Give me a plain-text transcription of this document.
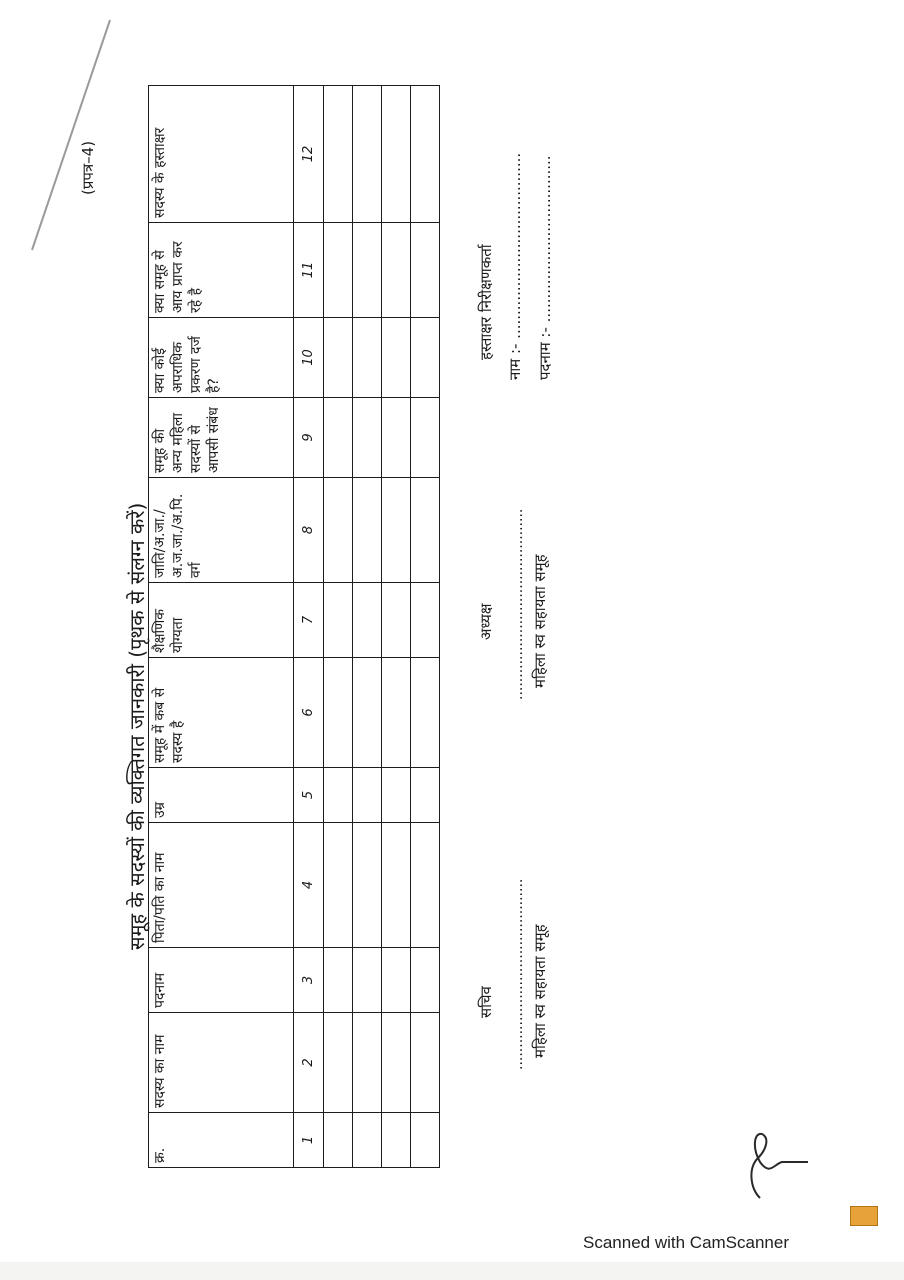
(प्रपत्र–4)
समूह के सदस्यों की व्यक्तिगत जानकारी (पृथक से संलग्न करें)
क्र.	सदस्य का नाम	पदनाम	पिता/पति का नाम	उम्र	समूह में कब से सदस्य है	शैक्षणिक योग्यता	जाति/अ.जा./अ.ज.जा./अ.पि. वर्ग	समूह की अन्य महिला सदस्यों से आपसी संबंध	क्या कोई अपराधिक प्रकरण दर्ज है?	क्या समूह से आय प्राप्त कर रहे है	सदस्य के हस्ताक्षर
1	2	3	4	5	6	7	8	9	10	11	12

सचिव ........................................... महिला स्व सहायता समूह
अध्यक्ष ........................................... महिला स्व सहायता समूह
हस्ताक्षर निरीक्षणकर्ता नाम :- ....................................... पदनाम :- ...................................
Scanned with CamScanner
